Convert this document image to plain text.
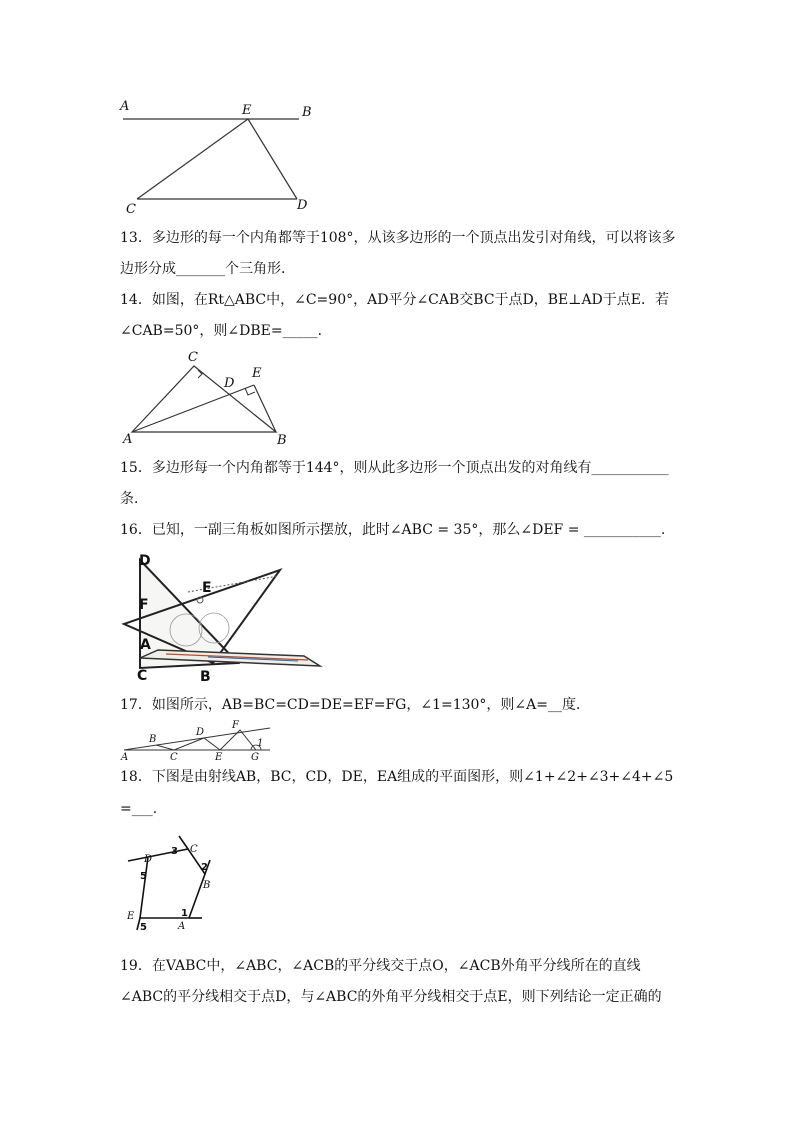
A	E	B
C	D
13．多边形的每一个内角都等于108°，从该多边形的一个顶点出发引对角线，可以将该多
边形分成_______个三角形．
14．如图，在Rt△ABC中，∠C=90°，AD平分∠CAB交BC于点D，BE⊥AD于点E．若
∠CAB=50°，则∠DBE=_____．
C
D
E
A	B
15．多边形每一个内角都等于144°，则从此多边形一个顶点出发的对角线有___________
条．
16．已知，一副三角板如图所示摆放，此时∠ABC = 35°，那么∠DEF = ___________.
D
E
F
A
C	B
17．如图所示，AB=BC=CD=DE=EF=FG，∠1=130°，则∠A=__度．
A
B
C
D
E
F
G
1
18．下图是由射线AB，BC，CD，DE，EA组成的平面图形，则∠1+∠2+∠3+∠4+∠5
=___.
3 C
D
2
5
B
E	1
A
5
19．在VABC中，∠ABC，∠ACB的平分线交于点O，∠ACB外角平分线所在的直线
∠ABC的平分线相交于点D，与∠ABC的外角平分线相交于点E，则下列结论一定正确的
